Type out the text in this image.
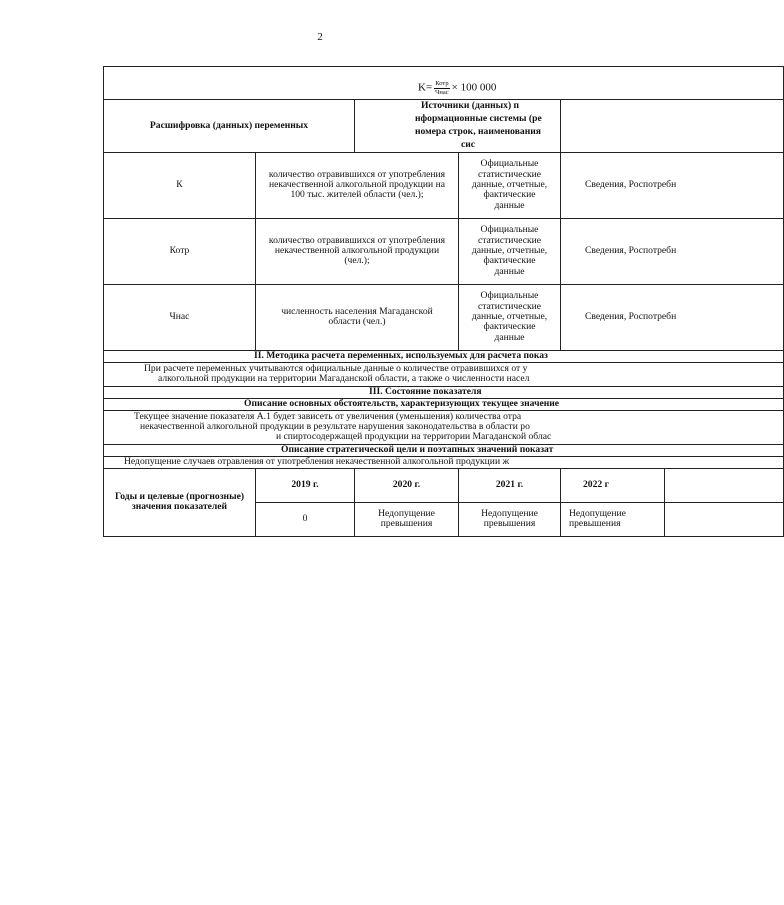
2

$K= \frac{\text{Котр}}{\text{Чнас}} \times 100$ 000					
Расшифровка (данных) переменных		Источники (данных) п
нформационные системы (ре
номера строк, наименования
сис			

К	количество отравившихся от употребления некачественной алкогольной продукции на 100 тыс. жителей области (чел.);		Официальные статистические данные, отчетные, фактические данные	Сведения, Роспотребн	
Котр	количество отравившихся от употребления некачественной алкогольной продукции (чел.);		Официальные статистические данные, отчетные, фактические данные	Сведения, Роспотребн	
Чнас	численность населения Магаданской области (чел.)		Официальные статистические данные, отчетные, фактические данные	Сведения, Роспотребн	
II. Методика расчета переменных, используемых для расчета показ					

При расчете переменных учитываются официальные данные о количестве отравившихся от у
алкогольной продукции на территории Магаданской области, а также о численности насел					

III. Состояние показателя					
Описание основных обстоятельств, характеризующих текущее значение					

Текущее значение показателя А.1 будет зависеть от увеличения (уменьшения) количества отра
некачественной алкогольной продукции в результате нарушения законодательства в области ро
и спиртосодержащей продукции на территории Магаданской облас					

Описание стратегической цели и поэтапных значений показат					
Недопущение случаев отравления от употребления некачественной алкогольной продукции ж					
Годы и целевые (прогнозные) значения показателей	2019 г.	2020 г.	2021 г.	2022 г	
	0	Недопущение превышения	Недопущение превышения	Недопущение превышения	
